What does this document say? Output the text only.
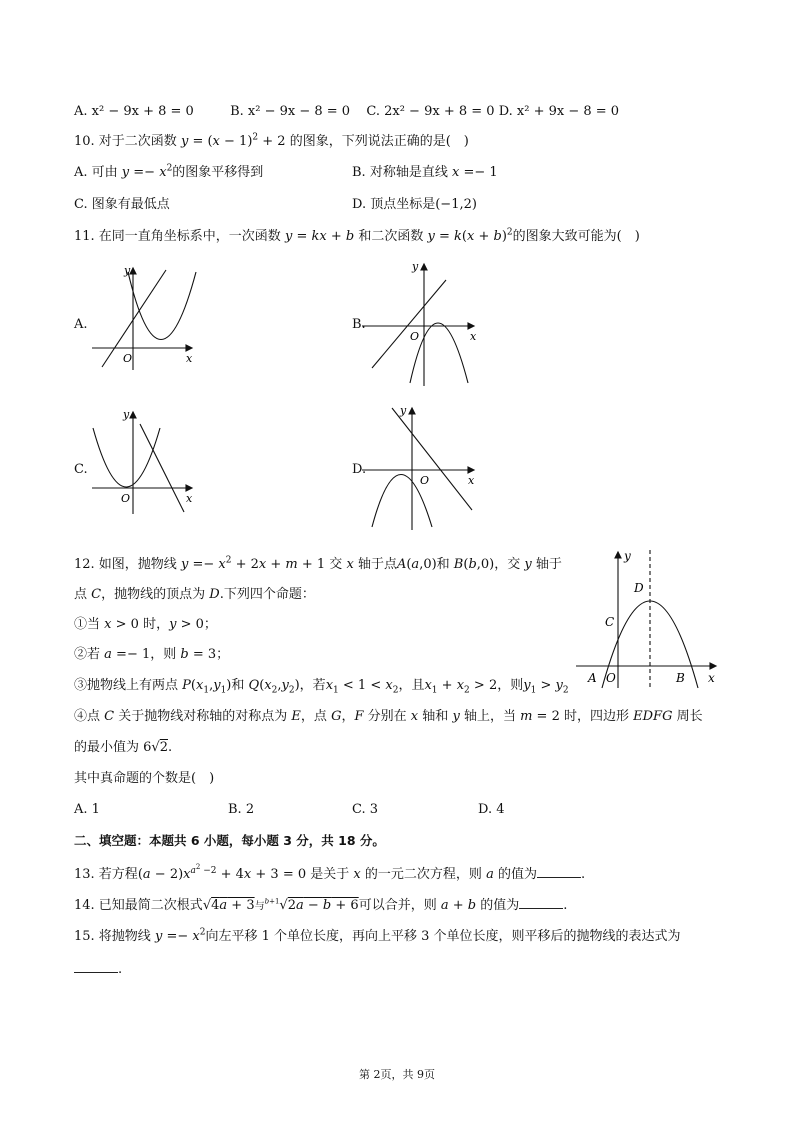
A. x² − 9x + 8 = 0	B. x² − 9x − 8 = 0 C. 2x² − 9x + 8 = 0 D. x² + 9x − 8 = 0
10. 对于二次函数 $y = (x - 1)^2 + 2$ 的图象，下列说法正确的是(　)
A. 可由 $y =- x^2$的图象平移得到	B. 对称轴是直线 x =− 1
C. 图象有最低点	D. 顶点坐标是(−1,2)
11. 在同一直角坐标系中，一次函数 y = kx + b 和二次函数 $y = k(x + b)^2$的图象大致可能为(　)
A.	B.
C.	D.
y
x
O
y
x
O
y
x
O
y
x
O
12. 如图，抛物线 $y =- x^2 + 2x + m + 1$ 交 x 轴于点A(a,0)和 B(b,0)，交 y 轴于
点 C，抛物线的顶点为 D.下列四个命题：
①当 x > 0 时，y > 0；
②若 a =− 1，则 b = 3；
③抛物线上有两点 $P(x_1,y_1)$和 $Q(x_2,y_2)$，若$x_1 < 1 < x_2$，且$x_1 + x_2 > 2$，则$y_1 > y_2$
④点 C 关于抛物线对称轴的对称点为 E，点 G，F 分别在 x 轴和 y 轴上，当 m = 2 时，四边形 EDFG 周长
的最小值为 6√2.
其中真命题的个数是(　)
A. 1	B. 2	C. 3	D. 4
y
x
D
C
A O	B
二、填空题：本题共 6 小题，每小题 3 分，共 18 分。
13. 若方程$(a - 2)x^{a^2 -2} + 4x + 3 = 0$ 是关于 x 的一元二次方程，则 a 的值为	.
14. 已知最简二次根式√4a + 3与$^{b+1}$√2a − b + 6可以合并，则 a + b 的值为	.
15. 将抛物线 $y =- x^2$向左平移 1 个单位长度，再向上平移 3 个单位长度，则平移后的抛物线的表达式为
.
第 2页，共 9页
